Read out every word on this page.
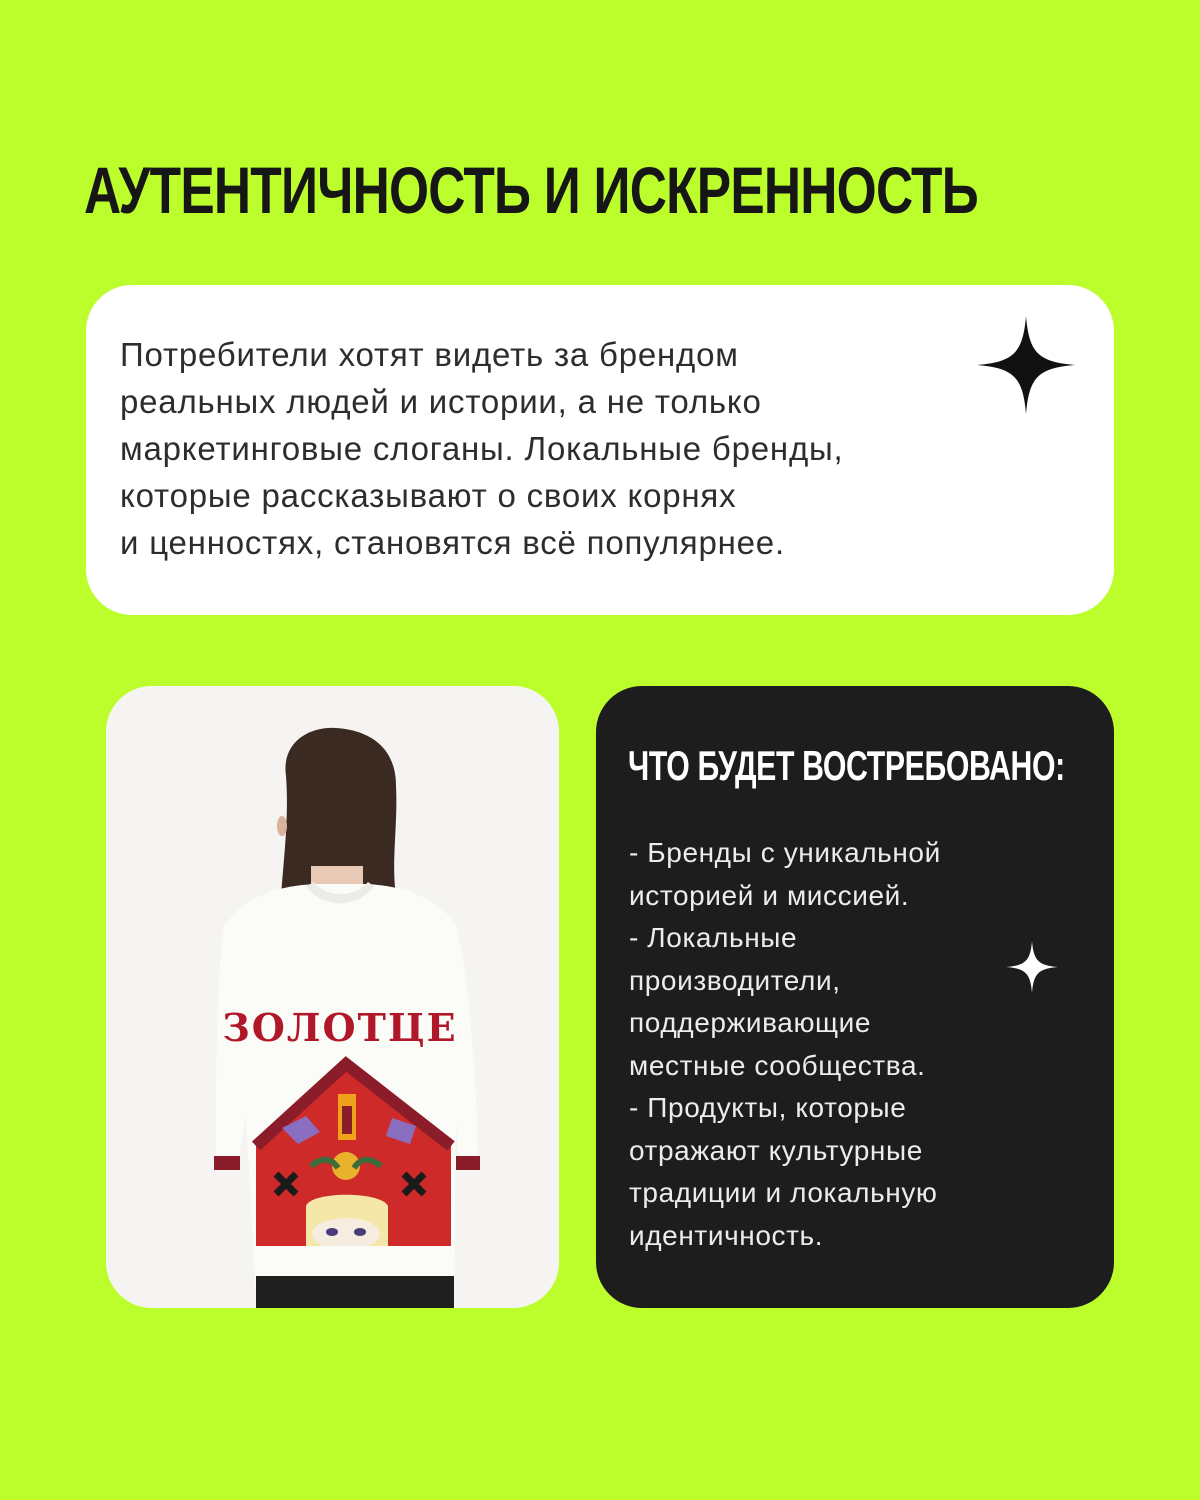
АУТЕНТИЧНОСТЬ И ИСКРЕННОСТЬ

Потребители хотят видеть за брендом
реальных людей и истории, а не только
маркетинговые слоганы. Локальные бренды,
которые рассказывают о своих корнях
и ценностях, становятся всё популярнее.

ЗОЛОТЦЕ
ЧТО БУДЕТ ВОСТРЕБОВАНО:
- Бренды с уникальной
историей и миссией.
- Локальные
производители,
поддерживающие
местные сообщества.
- Продукты, которые
отражают культурные
традиции и локальную
идентичность.
